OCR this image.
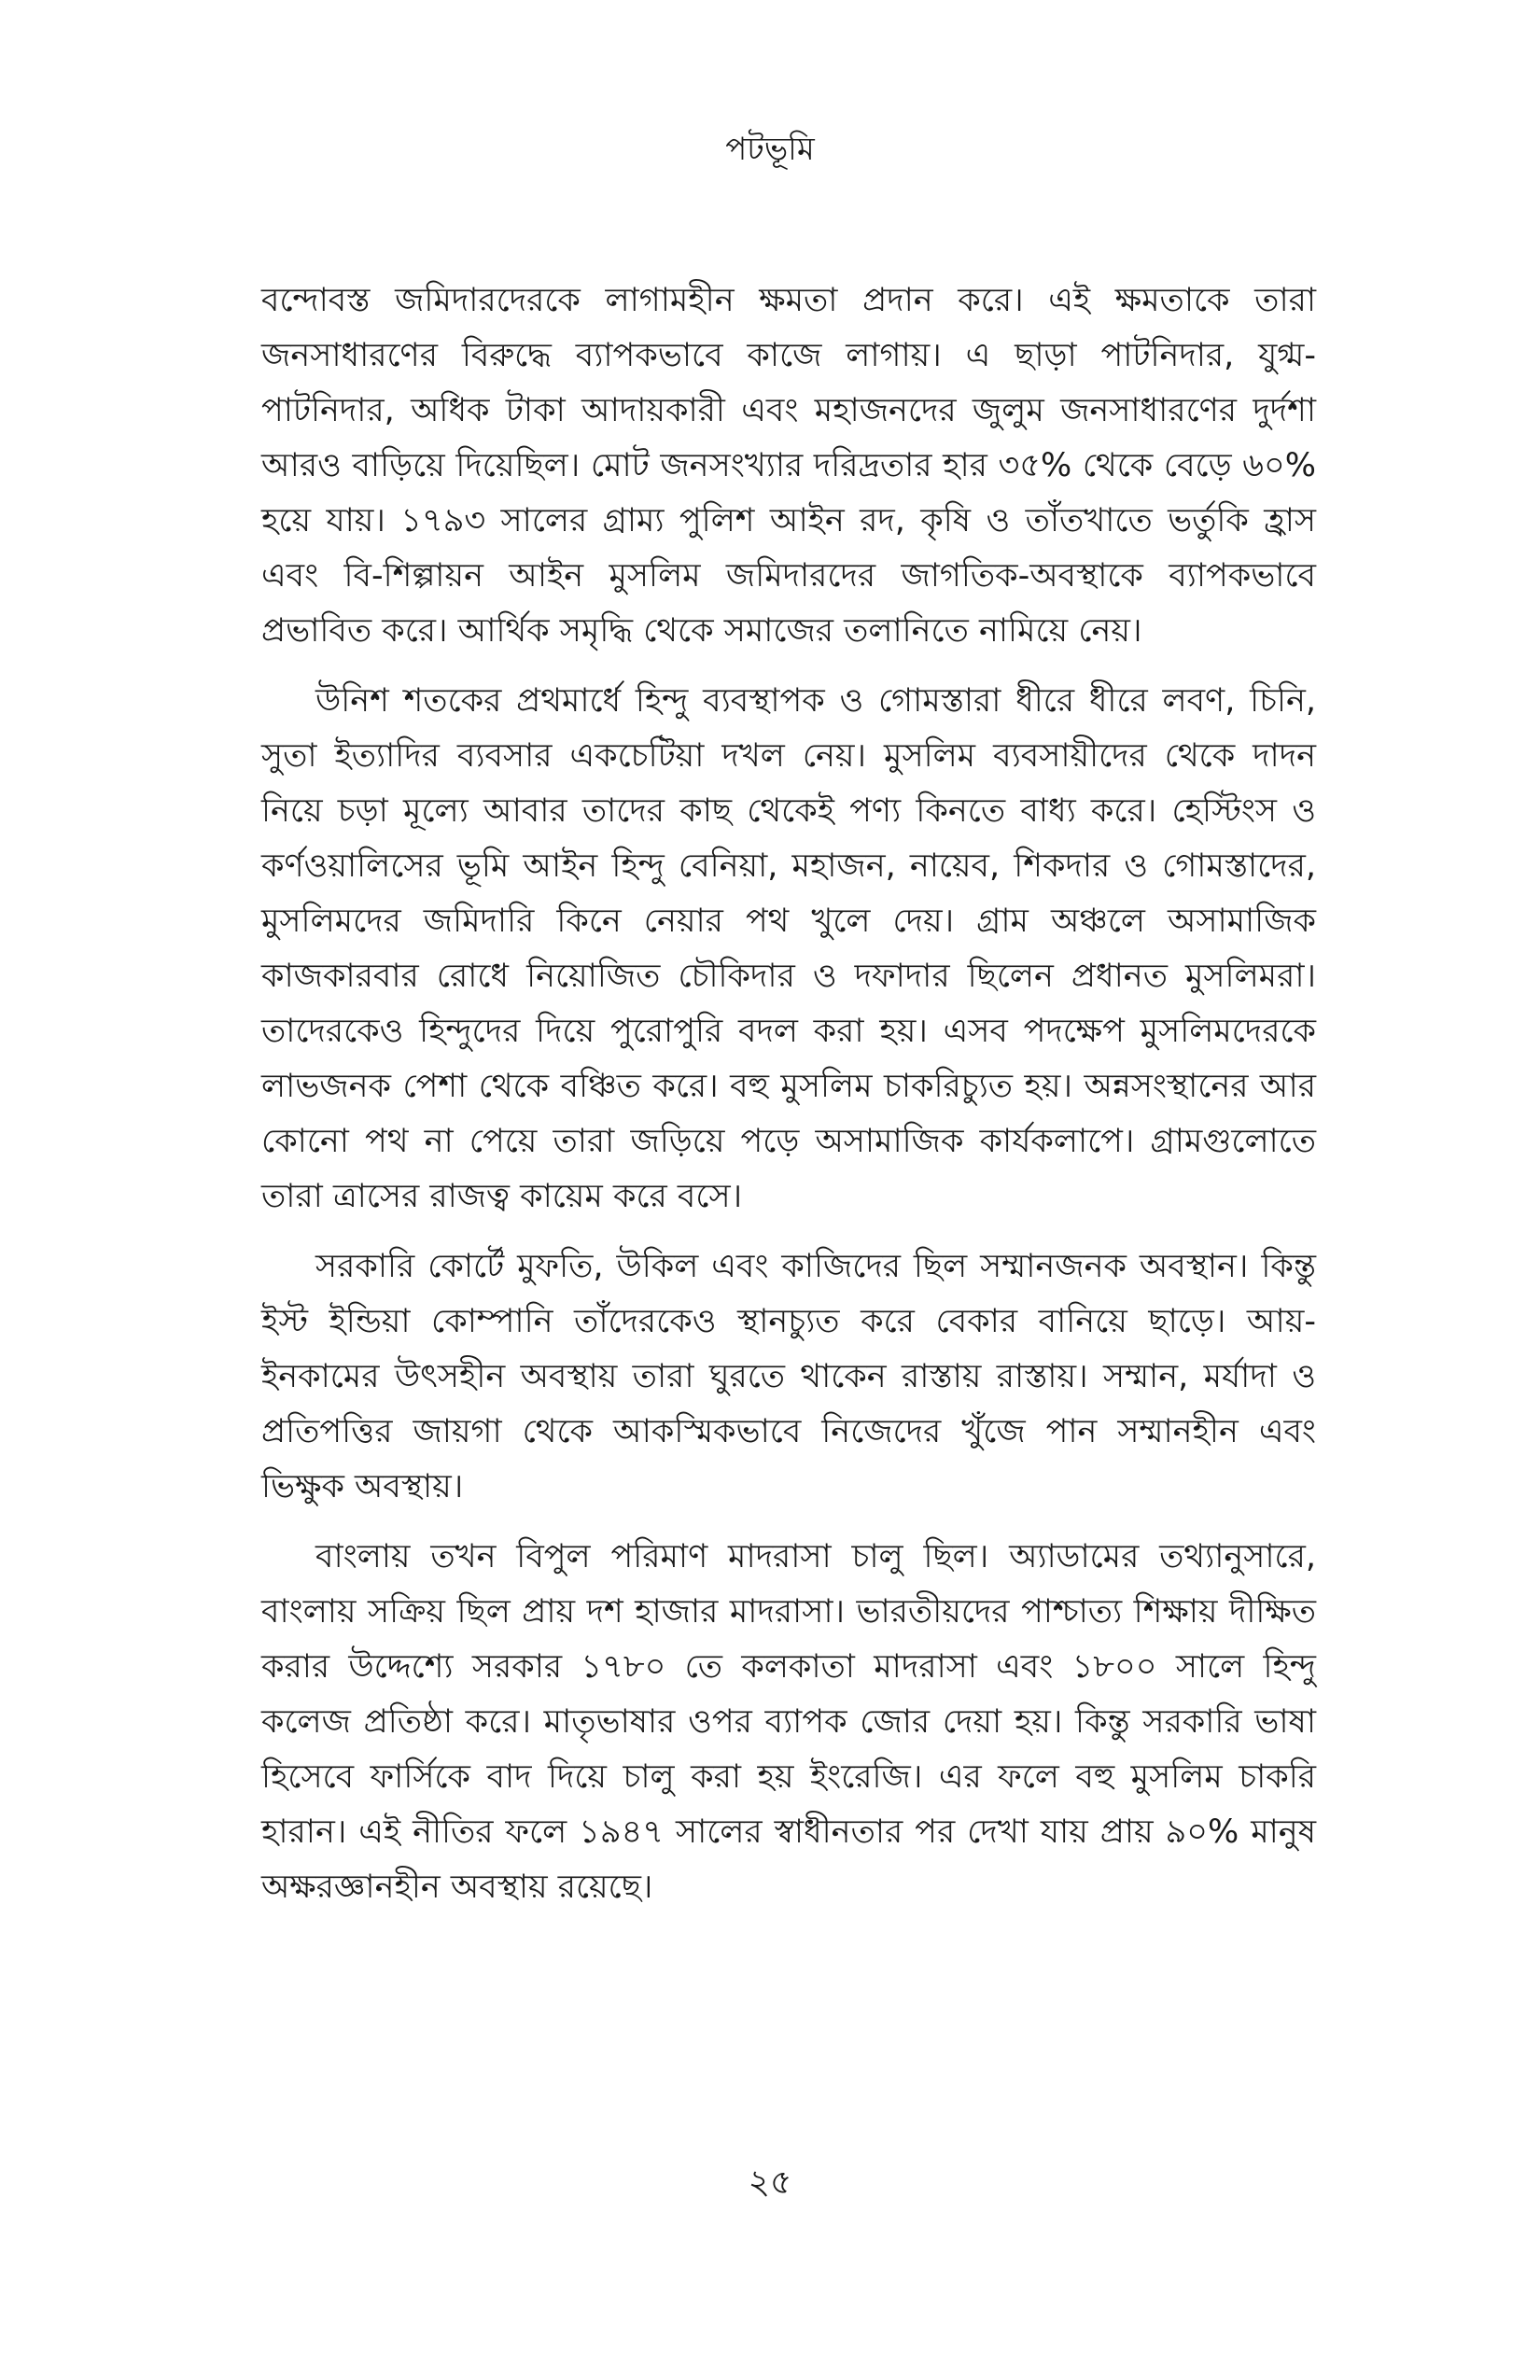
পটভূমি

বন্দোবস্ত জমিদারদেরকে লাগামহীন ক্ষমতা প্রদান করে। এই ক্ষমতাকে তারা জনসাধারণের বিরুদ্ধে ব্যাপকভাবে কাজে লাগায়। এ ছাড়া পাটনিদার, যুগ্ম-পাটনিদার, অধিক টাকা আদায়কারী এবং মহাজনদের জুলুম জনসাধারণের দুর্দশা আরও বাড়িয়ে দিয়েছিল। মোট জনসংখ্যার দরিদ্রতার হার ৩৫% থেকে বেড়ে ৬০% হয়ে যায়। ১৭৯৩ সালের গ্রাম্য পুলিশ আইন রদ, কৃষি ও তাঁতখাতে ভর্তুকি হ্রাস এবং বি-শিল্পায়ন আইন মুসলিম জমিদারদের জাগতিক-অবস্থাকে ব্যাপকভাবে প্রভাবিত করে। আর্থিক সমৃদ্ধি থেকে সমাজের তলানিতে নামিয়ে নেয়।

উনিশ শতকের প্রথমার্ধে হিন্দু ব্যবস্থাপক ও গোমস্তারা ধীরে ধীরে লবণ, চিনি, সুতা ইত্যাদির ব্যবসার একচেটিয়া দখল নেয়। মুসলিম ব্যবসায়ীদের থেকে দাদন নিয়ে চড়া মূল্যে আবার তাদের কাছ থেকেই পণ্য কিনতে বাধ্য করে। হেস্টিংস ও কর্ণওয়ালিসের ভূমি আইন হিন্দু বেনিয়া, মহাজন, নায়েব, শিকদার ও গোমস্তাদের, মুসলিমদের জমিদারি কিনে নেয়ার পথ খুলে দেয়। গ্রাম অঞ্চলে অসামাজিক কাজকারবার রোধে নিয়োজিত চৌকিদার ও দফাদার ছিলেন প্রধানত মুসলিমরা। তাদেরকেও হিন্দুদের দিয়ে পুরোপুরি বদল করা হয়। এসব পদক্ষেপ মুসলিমদেরকে লাভজনক পেশা থেকে বঞ্চিত করে। বহু মুসলিম চাকরিচ্যুত হয়। অন্নসংস্থানের আর কোনো পথ না পেয়ে তারা জড়িয়ে পড়ে অসামাজিক কার্যকলাপে। গ্রামগুলোতে তারা ত্রাসের রাজত্ব কায়েম করে বসে।

সরকারি কোর্টে মুফতি, উকিল এবং কাজিদের ছিল সম্মানজনক অবস্থান। কিন্তু ইস্ট ইন্ডিয়া কোম্পানি তাঁদেরকেও স্থানচ্যুত করে বেকার বানিয়ে ছাড়ে। আয়-ইনকামের উৎসহীন অবস্থায় তারা ঘুরতে থাকেন রাস্তায় রাস্তায়। সম্মান, মর্যাদা ও প্রতিপত্তির জায়গা থেকে আকস্মিকভাবে নিজেদের খুঁজে পান সম্মানহীন এবং ভিক্ষুক অবস্থায়।

বাংলায় তখন বিপুল পরিমাণ মাদরাসা চালু ছিল। অ্যাডামের তথ্যানুসারে, বাংলায় সক্রিয় ছিল প্রায় দশ হাজার মাদরাসা। ভারতীয়দের পাশ্চাত্য শিক্ষায় দীক্ষিত করার উদ্দেশ্যে সরকার ১৭৮০ তে কলকাতা মাদরাসা এবং ১৮০০ সালে হিন্দু কলেজ প্রতিষ্ঠা করে। মাতৃভাষার ওপর ব্যাপক জোর দেয়া হয়। কিন্তু সরকারি ভাষা হিসেবে ফার্সিকে বাদ দিয়ে চালু করা হয় ইংরেজি। এর ফলে বহু মুসলিম চাকরি হারান। এই নীতির ফলে ১৯৪৭ সালের স্বাধীনতার পর দেখা যায় প্রায় ৯০% মানুষ অক্ষরজ্ঞানহীন অবস্থায় রয়েছে।

২৫
